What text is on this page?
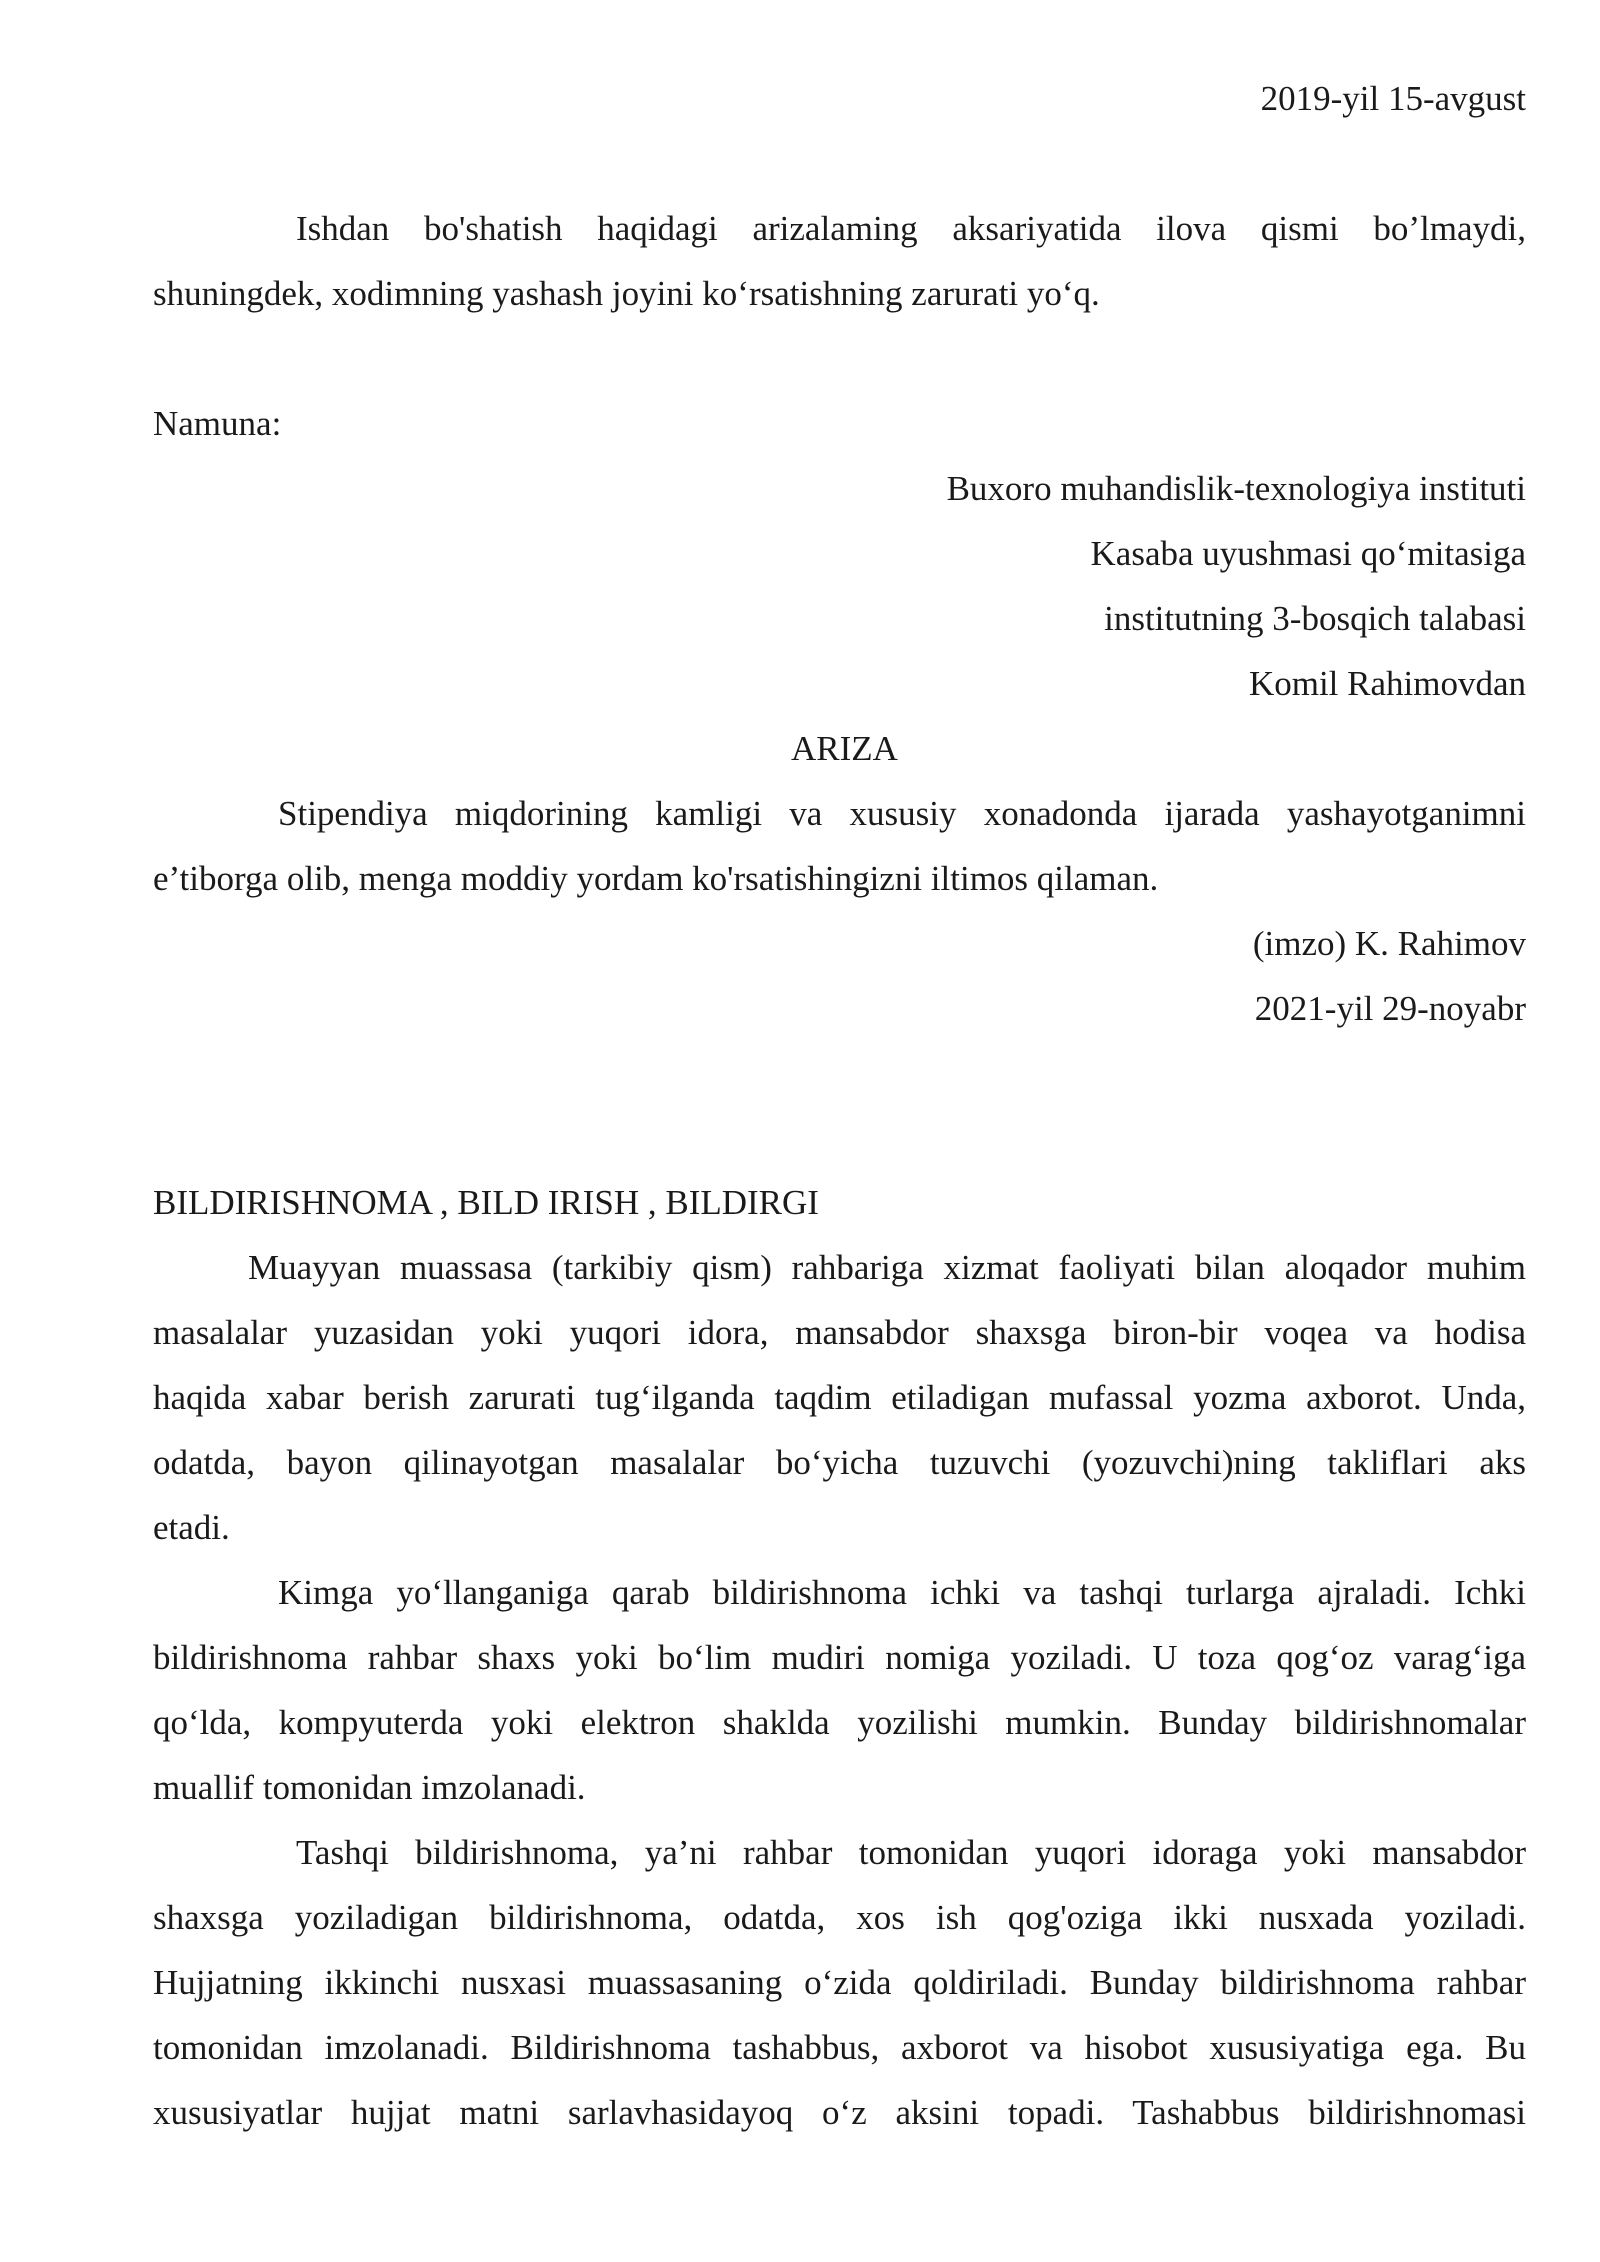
2019-yil 15-avgust
Ishdan bo'shatish haqidagi arizalaming aksariyatida ilova qismi bo’lmaydi,
shuningdek, xodimning yashash joyini ko‘rsatishning zarurati yo‘q.
Namuna:
Buxoro muhandislik-texnologiya instituti
Kasaba uyushmasi qo‘mitasiga
institutning 3-bosqich talabasi
Komil Rahimovdan
ARIZA
Stipendiya miqdorining kamligi va xususiy xonadonda ijarada yashayotganimni
e’tiborga olib, menga moddiy yordam ko'rsatishingizni iltimos qilaman.
(imzo) K. Rahimov
2021-yil 29-noyabr
BILDIRISHNOMA , BILD IRISH , BILDIRGI
Muayyan muassasa (tarkibiy qism) rahbariga xizmat faoliyati bilan aloqador muhim
masalalar yuzasidan yoki yuqori idora, mansabdor shaxsga biron-bir voqea va hodisa
haqida xabar berish zarurati tug‘ilganda taqdim etiladigan mufassal yozma axborot. Unda,
odatda, bayon qilinayotgan masalalar bo‘yicha tuzuvchi (yozuvchi)ning takliflari aks
etadi.
Kimga yo‘llanganiga qarab bildirishnoma ichki va tashqi turlarga ajraladi. Ichki
bildirishnoma rahbar shaxs yoki bo‘lim mudiri nomiga yoziladi. U toza qog‘oz varag‘iga
qo‘lda, kompyuterda yoki elektron shaklda yozilishi mumkin. Bunday bildirishnomalar
muallif tomonidan imzolanadi.
Tashqi bildirishnoma, ya’ni rahbar tomonidan yuqori idoraga yoki mansabdor
shaxsga yoziladigan bildirishnoma, odatda, xos ish qog'oziga ikki nusxada yoziladi.
Hujjatning ikkinchi nusxasi muassasaning o‘zida qoldiriladi. Bunday bildirishnoma rahbar
tomonidan imzolanadi. Bildirishnoma tashabbus, axborot va hisobot xususiyatiga ega. Bu
xususiyatlar hujjat matni sarlavhasidayoq o‘z aksini topadi. Tashabbus bildirishnomasi
